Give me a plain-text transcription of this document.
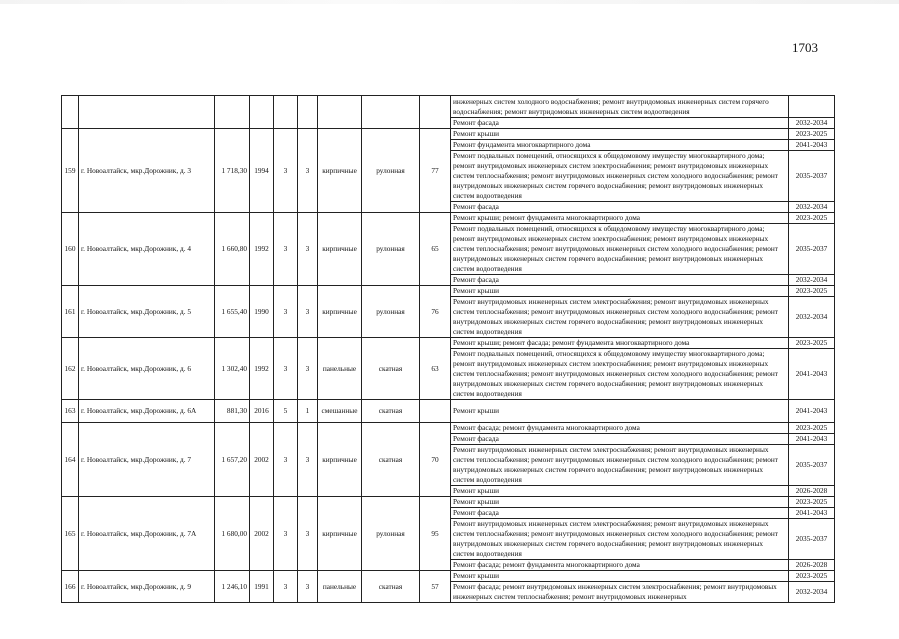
1703
									инженерных систем холодного водоснабжения; ремонт внутридомовых инженерных систем горячего водоснабжения; ремонт внутридомовых инженерных систем водоотведения	
									Ремонт фасада	2032-2034
159	г. Новоалтайск, мкр.Дорожник, д. 3	1 718,30	1994	3	3	кирпичные	рулонная	77	Ремонт крыши	2023-2025
									Ремонт фундамента многоквартирного дома	2041-2043
									Ремонт подвальных помещений, относящихся к общедомовому имуществу многоквартирного дома; ремонт внутридомовых инженерных систем электроснабжения; ремонт внутридомовых инженерных систем теплоснабжения; ремонт внутридомовых инженерных систем холодного водоснабжения; ремонт внутридомовых инженерных систем горячего водоснабжения; ремонт внутридомовых инженерных систем водоотведения	2035-2037
									Ремонт фасада	2032-2034
160	г. Новоалтайск, мкр.Дорожник, д. 4	1 660,80	1992	3	3	кирпичные	рулонная	65	Ремонт крыши; ремонт фундамента многоквартирного дома	2023-2025
									Ремонт подвальных помещений, относящихся к общедомовому имуществу многоквартирного дома; ремонт внутридомовых инженерных систем электроснабжения; ремонт внутридомовых инженерных систем теплоснабжения; ремонт внутридомовых инженерных систем холодного водоснабжения; ремонт внутридомовых инженерных систем горячего водоснабжения; ремонт внутридомовых инженерных систем водоотведения	2035-2037
									Ремонт фасада	2032-2034
161	г. Новоалтайск, мкр.Дорожник, д. 5	1 655,40	1990	3	3	кирпичные	рулонная	76	Ремонт крыши	2023-2025
									Ремонт внутридомовых инженерных систем электроснабжения; ремонт внутридомовых инженерных систем теплоснабжения; ремонт внутридомовых инженерных систем холодного водоснабжения; ремонт внутридомовых инженерных систем горячего водоснабжения; ремонт внутридомовых инженерных систем водоотведения	2032-2034
162	г. Новоалтайск, мкр.Дорожник, д. 6	1 302,40	1992	3	3	панельные	скатная	63	Ремонт крыши; ремонт фасада; ремонт фундамента многоквартирного дома	2023-2025
									Ремонт подвальных помещений, относящихся к общедомовому имуществу многоквартирного дома; ремонт внутридомовых инженерных систем электроснабжения; ремонт внутридомовых инженерных систем теплоснабжения; ремонт внутридомовых инженерных систем холодного водоснабжения; ремонт внутридомовых инженерных систем горячего водоснабжения; ремонт внутридомовых инженерных систем водоотведения	2041-2043
163	г. Новоалтайск, мкр.Дорожник, д. 6А	881,30	2016	5	1	смешанные	скатная		Ремонт крыши	2041-2043
164	г. Новоалтайск, мкр.Дорожник, д. 7	1 657,20	2002	3	3	кирпичные	скатная	70	Ремонт фасада; ремонт фундамента многоквартирного дома	2023-2025
									Ремонт фасада	2041-2043
									Ремонт внутридомовых инженерных систем электроснабжения; ремонт внутридомовых инженерных систем теплоснабжения; ремонт внутридомовых инженерных систем холодного водоснабжения; ремонт внутридомовых инженерных систем горячего водоснабжения; ремонт внутридомовых инженерных систем водоотведения	2035-2037
									Ремонт крыши	2026-2028
165	г. Новоалтайск, мкр.Дорожник, д. 7А	1 680,00	2002	3	3	кирпичные	рулонная	95	Ремонт крыши	2023-2025
									Ремонт фасада	2041-2043
									Ремонт внутридомовых инженерных систем электроснабжения; ремонт внутридомовых инженерных систем теплоснабжения; ремонт внутридомовых инженерных систем холодного водоснабжения; ремонт внутридомовых инженерных систем горячего водоснабжения; ремонт внутридомовых инженерных систем водоотведения	2035-2037
									Ремонт фасада; ремонт фундамента многоквартирного дома	2026-2028
166	г. Новоалтайск, мкр.Дорожник, д. 9	1 246,10	1991	3	3	панельные	скатная	57	Ремонт крыши	2023-2025
									Ремонт фасада; ремонт внутридомовых инженерных систем электроснабжения; ремонт внутридомовых инженерных систем теплоснабжения; ремонт внутридомовых инженерных	2032-2034
